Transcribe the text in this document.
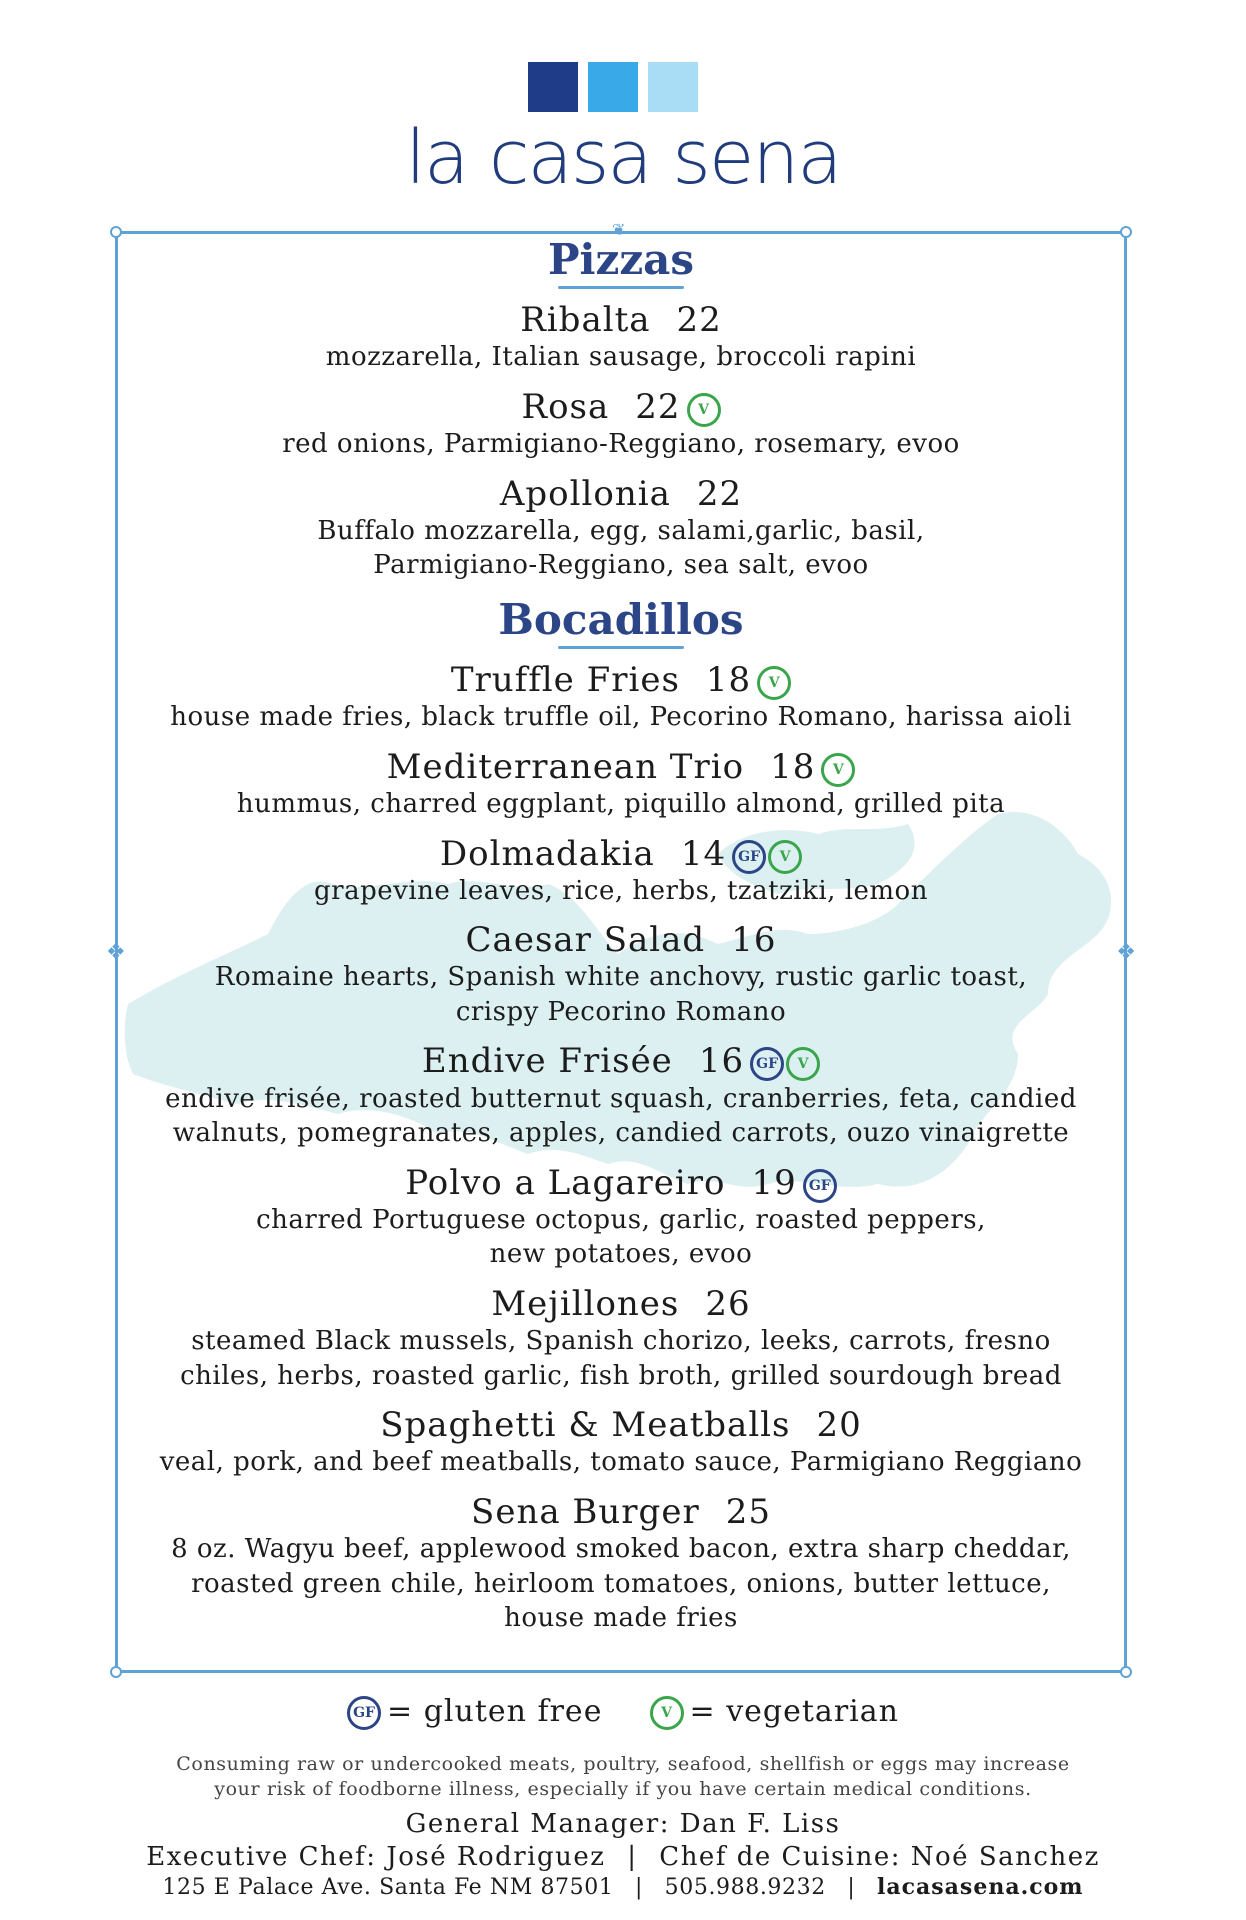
la casa sena
❖	❖
❦
Pizzas
Ribalta 22
mozzarella, Italian sausage, broccoli rapini
Rosa 22 V
red onions, Parmigiano-Reggiano, rosemary, evoo
Apollonia 22
Buffalo mozzarella, egg, salami,garlic, basil,
Parmigiano-Reggiano, sea salt, evoo
Bocadillos
Truffle Fries 18 V
house made fries, black truffle oil, Pecorino Romano, harissa aioli
Mediterranean Trio 18 V
hummus, charred eggplant, piquillo almond, grilled pita
Dolmadakia 14 GF V
grapevine leaves, rice, herbs, tzatziki, lemon
Caesar Salad 16
Romaine hearts, Spanish white anchovy, rustic garlic toast,
crispy Pecorino Romano
Endive Frisée 16 GF V
endive frisée, roasted butternut squash, cranberries, feta, candied
walnuts, pomegranates, apples, candied carrots, ouzo vinaigrette
Polvo a Lagareiro 19 GF
charred Portuguese octopus, garlic, roasted peppers,
new potatoes, evoo
Mejillones 26
steamed Black mussels, Spanish chorizo, leeks, carrots, fresno
chiles, herbs, roasted garlic, fish broth, grilled sourdough bread
Spaghetti & Meatballs 20
veal, pork, and beef meatballs, tomato sauce, Parmigiano Reggiano
Sena Burger 25
8 oz. Wagyu beef, applewood smoked bacon, extra sharp cheddar,
roasted green chile, heirloom tomatoes, onions, butter lettuce,
house made fries
GF = gluten free	V = vegetarian
Consuming raw or undercooked meats, poultry, seafood, shellfish or eggs may increase
your risk of foodborne illness, especially if you have certain medical conditions.
General Manager: Dan F. Liss
Executive Chef: José Rodriguez | Chef de Cuisine: Noé Sanchez
125 E Palace Ave. Santa Fe NM 87501 | 505.988.9232 | lacasasena.com
